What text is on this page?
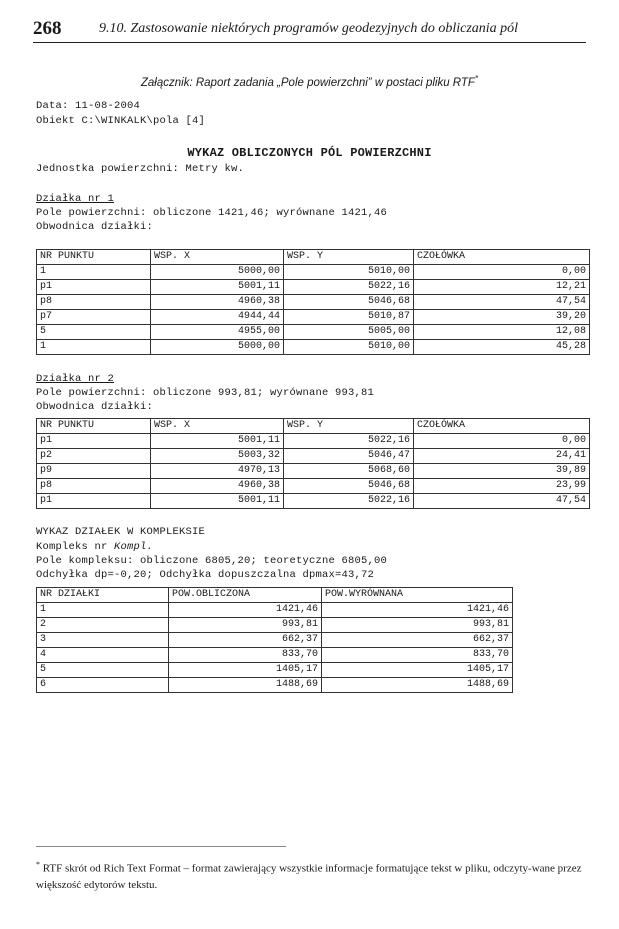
268	9.10. Zastosowanie niektórych programów geodezyjnych do obliczania pól
Załącznik: Raport zadania „Pole powierzchni” w postaci pliku RTF*
Data: 11-08-2004
Obiekt C:\WINKALK\pola [4]
WYKAZ OBLICZONYCH PÓL POWIERZCHNI
Jednostka powierzchni: Metry kw.
Działka nr 1
Pole powierzchni: obliczone 1421,46; wyrównane 1421,46
Obwodnica działki:
NR PUNKTU	WSP. X	WSP. Y	CZOŁÓWKA
1	5000,00	5010,00	0,00
p1	5001,11	5022,16	12,21
p8	4960,38	5046,68	47,54
p7	4944,44	5010,87	39,20
5	4955,00	5005,00	12,08
1	5000,00	5010,00	45,28
Działka nr 2
Pole powierzchni: obliczone 993,81; wyrównane 993,81
Obwodnica działki:
NR PUNKTU	WSP. X	WSP. Y	CZOŁÓWKA
p1	5001,11	5022,16	0,00
p2	5003,32	5046,47	24,41
p9	4970,13	5068,60	39,89
p8	4960,38	5046,68	23,99
p1	5001,11	5022,16	47,54
WYKAZ DZIAŁEK W KOMPLEKSIE
Kompleks nr Kompl.
Pole kompleksu: obliczone 6805,20; teoretyczne 6805,00
Odchyłka dp=-0,20; Odchyłka dopuszczalna dpmax=43,72
NR DZIAŁKI	POW.OBLICZONA	POW.WYRÓWNANA
1	1421,46	1421,46
2	993,81	993,81
3	662,37	662,37
4	833,70	833,70
5	1405,17	1405,17
6	1488,69	1488,69
* RTF skrót od Rich Text Format – format zawierający wszystkie informacje formatujące tekst w pliku, odczyty-wane przez większość edytorów tekstu.
